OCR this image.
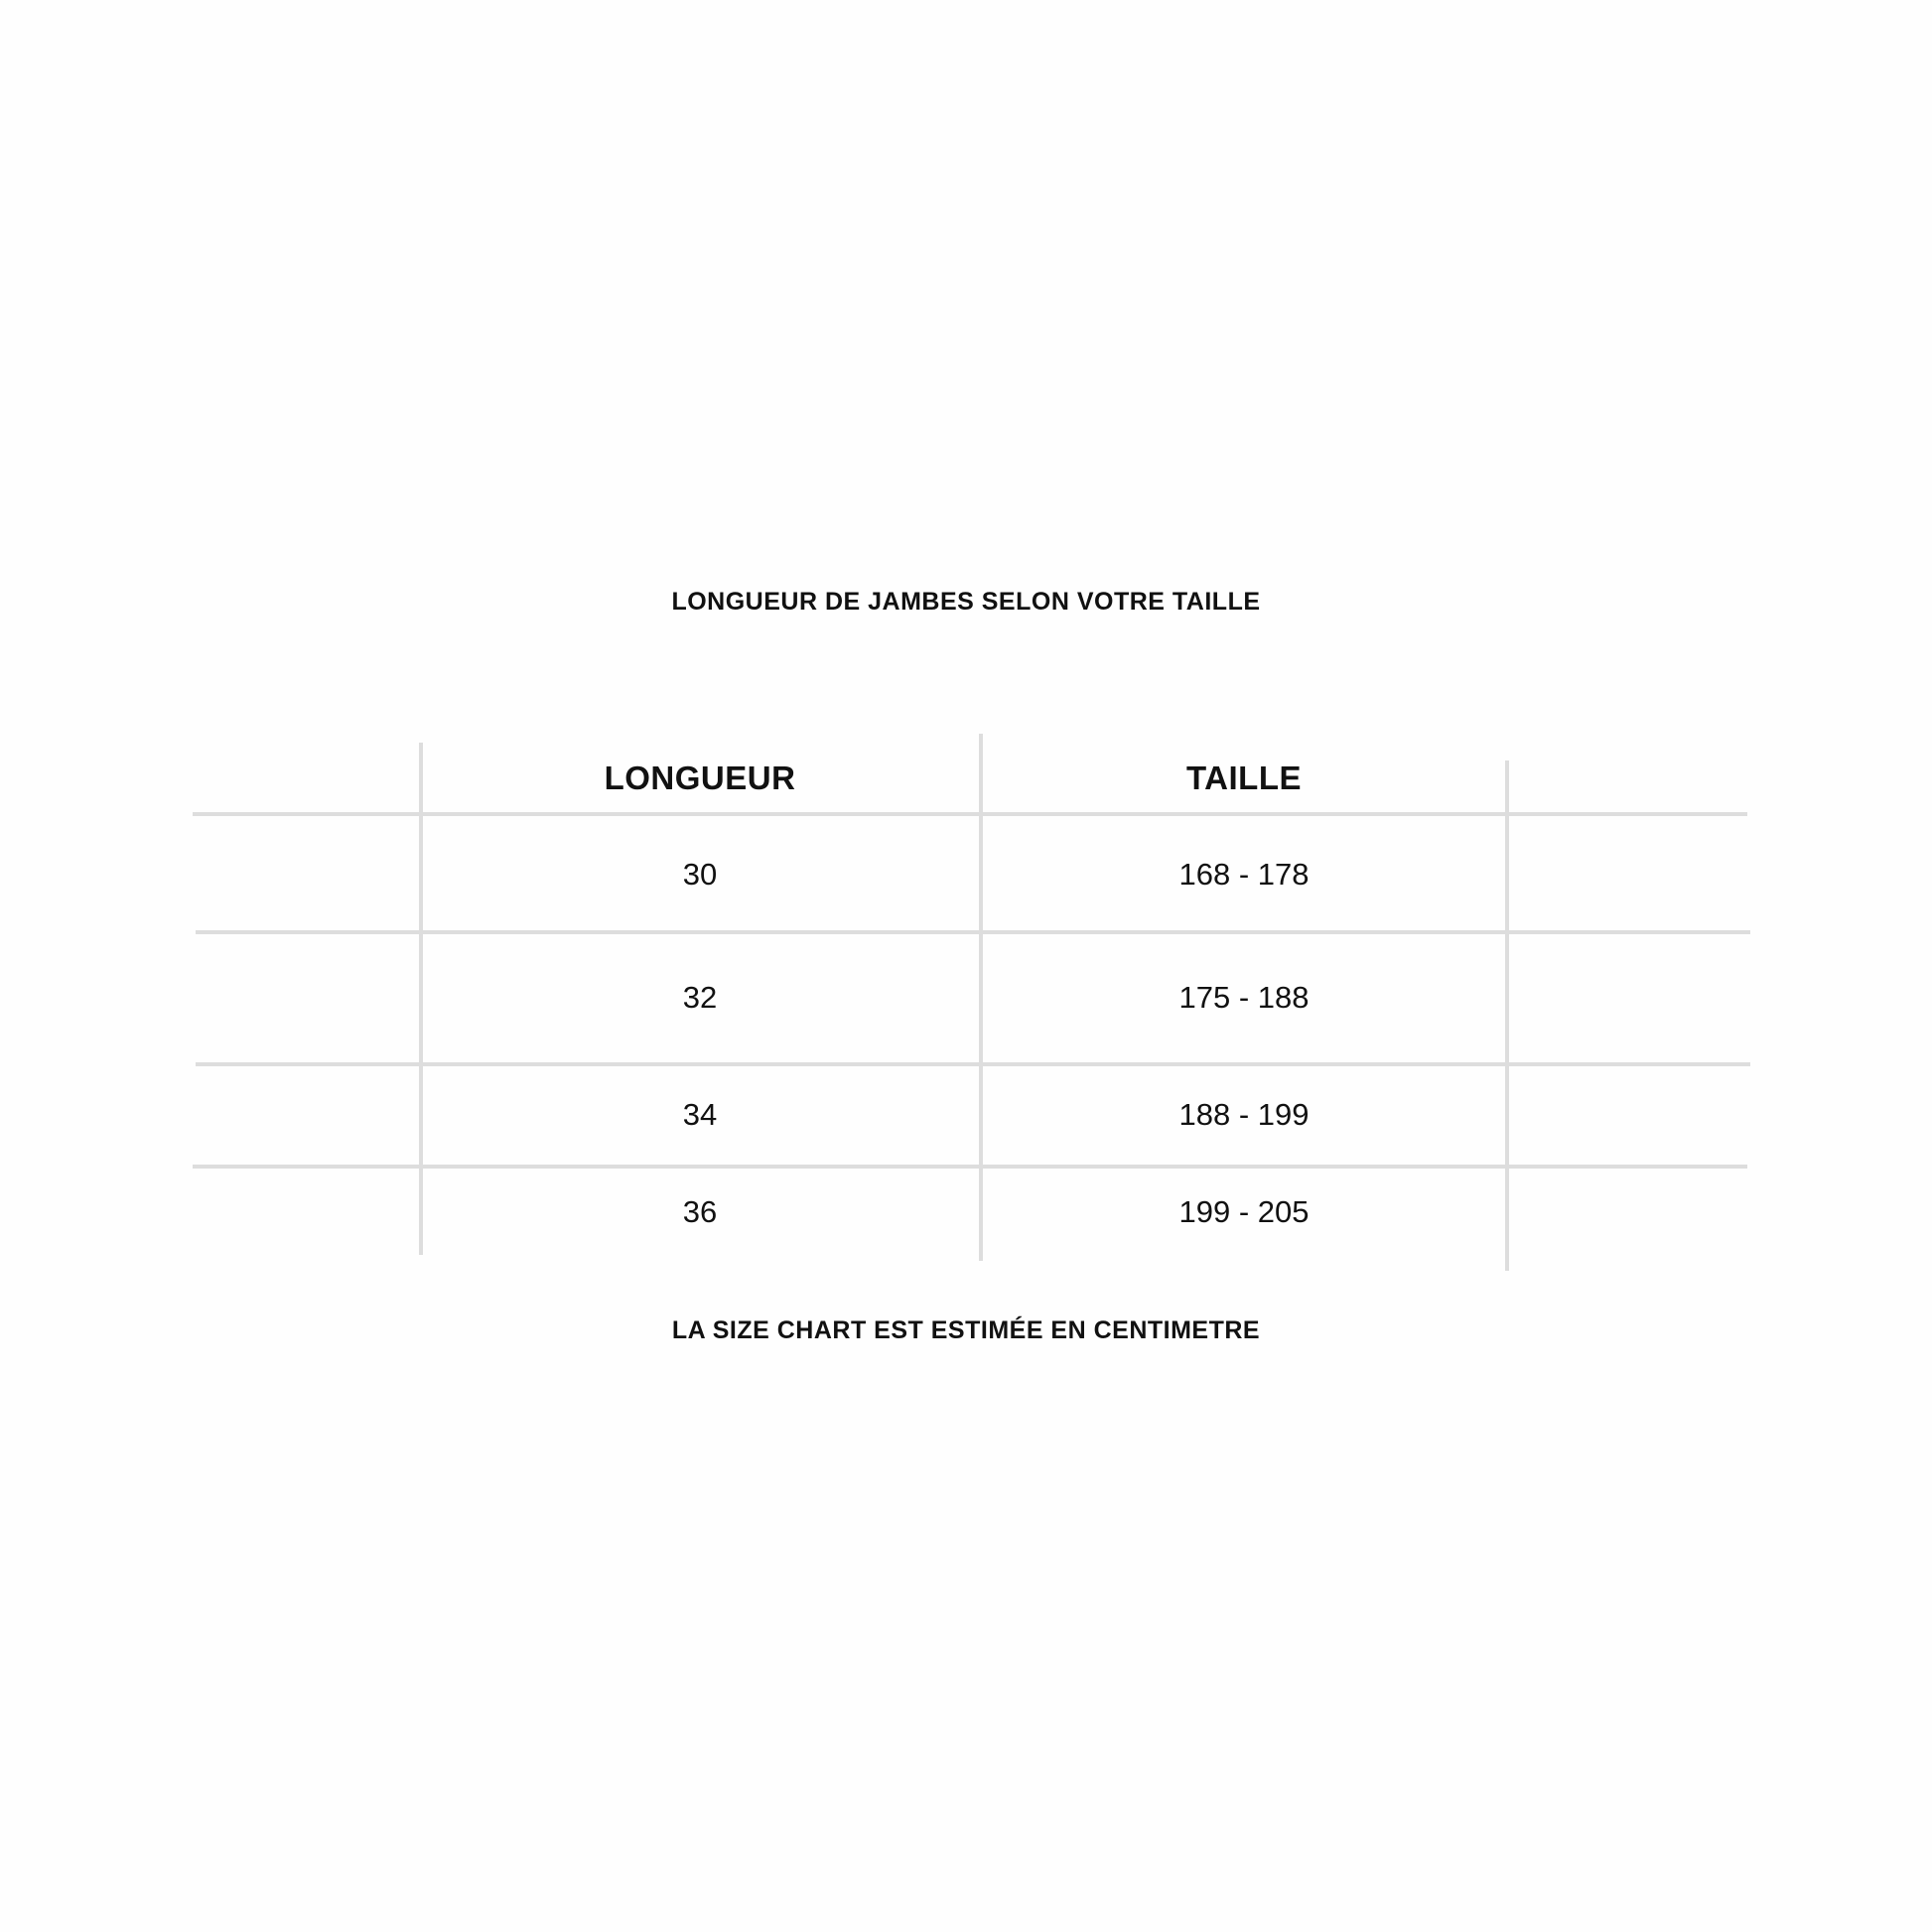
LONGUEUR DE JAMBES SELON VOTRE TAILLE
LONGUEUR	TAILLE
30	168 - 178
32	175 - 188
34	188 - 199
36	199 - 205
LA SIZE CHART EST ESTIMÉE EN CENTIMETRE
